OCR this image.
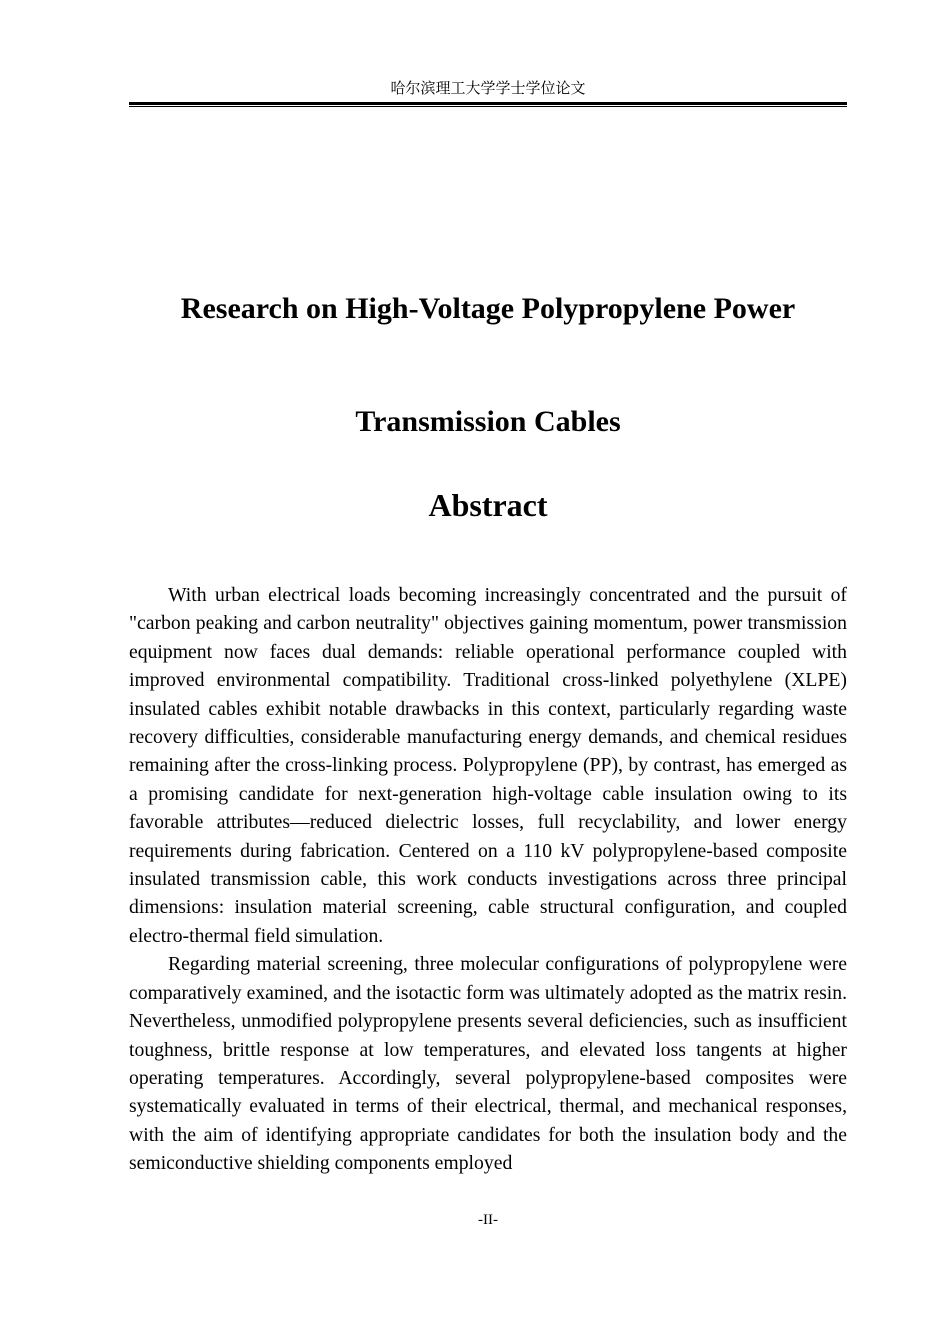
哈尔滨理工大学学士学位论文
Research on High-Voltage Polypropylene Power Transmission Cables
Abstract

With urban electrical loads becoming increasingly concentrated and the pursuit of "carbon peaking and carbon neutrality" objectives gaining momentum, power transmission equipment now faces dual demands: reliable operational performance coupled with improved environmental compatibility. Traditional cross-linked polyethylene (XLPE) insulated cables exhibit notable drawbacks in this context, particularly regarding waste recovery difficulties, considerable manufacturing energy demands, and chemical residues remaining after the cross-linking process. Polypropylene (PP), by contrast, has emerged as a promising candidate for next-generation high-voltage cable insulation owing to its favorable attributes—reduced dielectric losses, full recyclability, and lower energy requirements during fabrication. Centered on a 110 kV polypropylene-based composite insulated transmission cable, this work conducts investigations across three principal dimensions: insulation material screening, cable structural configuration, and coupled electro-thermal field simulation.

Regarding material screening, three molecular configurations of polypropylene were comparatively examined, and the isotactic form was ultimately adopted as the matrix resin. Nevertheless, unmodified polypropylene presents several deficiencies, such as insufficient toughness, brittle response at low temperatures, and elevated loss tangents at higher operating temperatures. Accordingly, several polypropylene-based composites were systematically evaluated in terms of their electrical, thermal, and mechanical responses, with the aim of identifying appropriate candidates for both the insulation body and the semiconductive shielding components employed

-II-
